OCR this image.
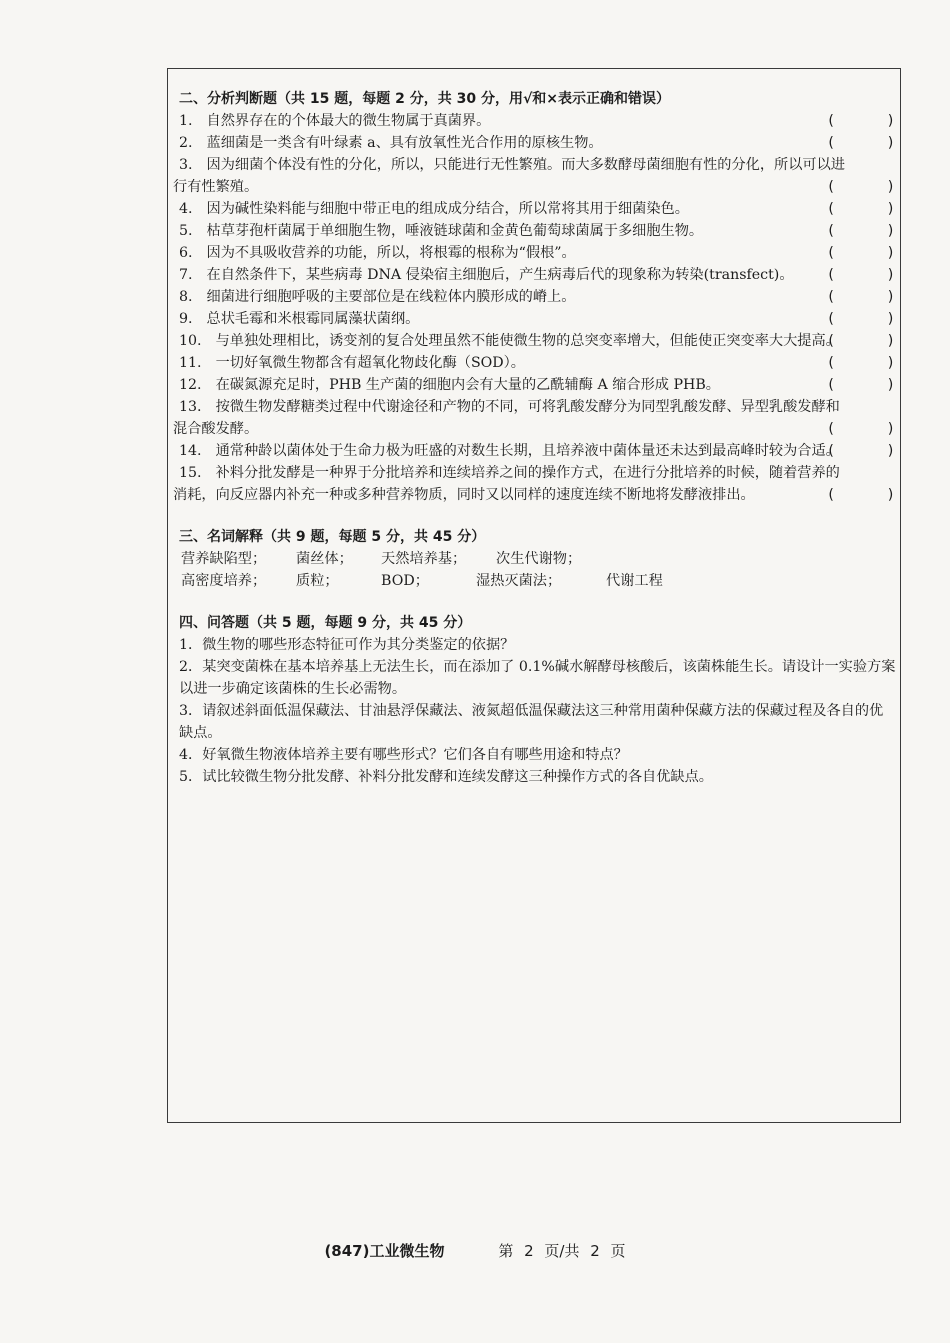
二、分析判断题（共 15 题，每题 2 分，共 30 分，用√和×表示正确和错误）
1. 自然界存在的个体最大的微生物属于真菌界。	(      )
2. 蓝细菌是一类含有叶绿素 a、具有放氧性光合作用的原核生物。	(      )
3. 因为细菌个体没有性的分化，所以，只能进行无性繁殖。而大多数酵母菌细胞有性的分化，所以可以进行有性繁殖。	(      )
4. 因为碱性染料能与细胞中带正电的组成成分结合，所以常将其用于细菌染色。	(      )
5. 枯草芽孢杆菌属于单细胞生物，唾液链球菌和金黄色葡萄球菌属于多细胞生物。	(      )
6. 因为不具吸收营养的功能，所以，将根霉的根称为“假根”。	(      )
7. 在自然条件下，某些病毒 DNA 侵染宿主细胞后，产生病毒后代的现象称为转染(transfect)。 (      )
8. 细菌进行细胞呼吸的主要部位是在线粒体内膜形成的嵴上。	(      )
9. 总状毛霉和米根霉同属藻状菌纲。	(      )
10. 与单独处理相比，诱变剂的复合处理虽然不能使微生物的总突变率增大，但能使正突变率大大提高。
(      )
11. 一切好氧微生物都含有超氧化物歧化酶（SOD）。	(      )
12. 在碳氮源充足时，PHB 生产菌的细胞内会有大量的乙酰辅酶 A 缩合形成 PHB。	(      )
13. 按微生物发酵糖类过程中代谢途径和产物的不同，可将乳酸发酵分为同型乳酸发酵、异型乳酸发酵和混合酸发酵。	(      )
14. 通常种龄以菌体处于生命力极为旺盛的对数生长期，且培养液中菌体量还未达到最高峰时较为合适。
(      )
15. 补料分批发酵是一种界于分批培养和连续培养之间的操作方式，在进行分批培养的时候，随着营养的消耗，向反应器内补充一种或多种营养物质，同时又以同样的速度连续不断地将发酵液排出。	(      )
三、名词解释（共 9 题，每题 5 分，共 45 分）
营养缺陷型； 菌丝体； 天然培养基； 次生代谢物；
高密度培养； 质粒；	BOD；	湿热灭菌法；	代谢工程
四、问答题（共 5 题，每题 9 分，共 45 分）
1．微生物的哪些形态特征可作为其分类鉴定的依据？
2．某突变菌株在基本培养基上无法生长，而在添加了 0.1%碱水解酵母核酸后，该菌株能生长。请设计一实验方案以进一步确定该菌株的生长必需物。
3．请叙述斜面低温保藏法、甘油悬浮保藏法、液氮超低温保藏法这三种常用菌种保藏方法的保藏过程及各自的优缺点。
4．好氧微生物液体培养主要有哪些形式？它们各自有哪些用途和特点？
5．试比较微生物分批发酵、补料分批发酵和连续发酵这三种操作方式的各自优缺点。
(847)工业微生物	第 2 页/共 2 页
